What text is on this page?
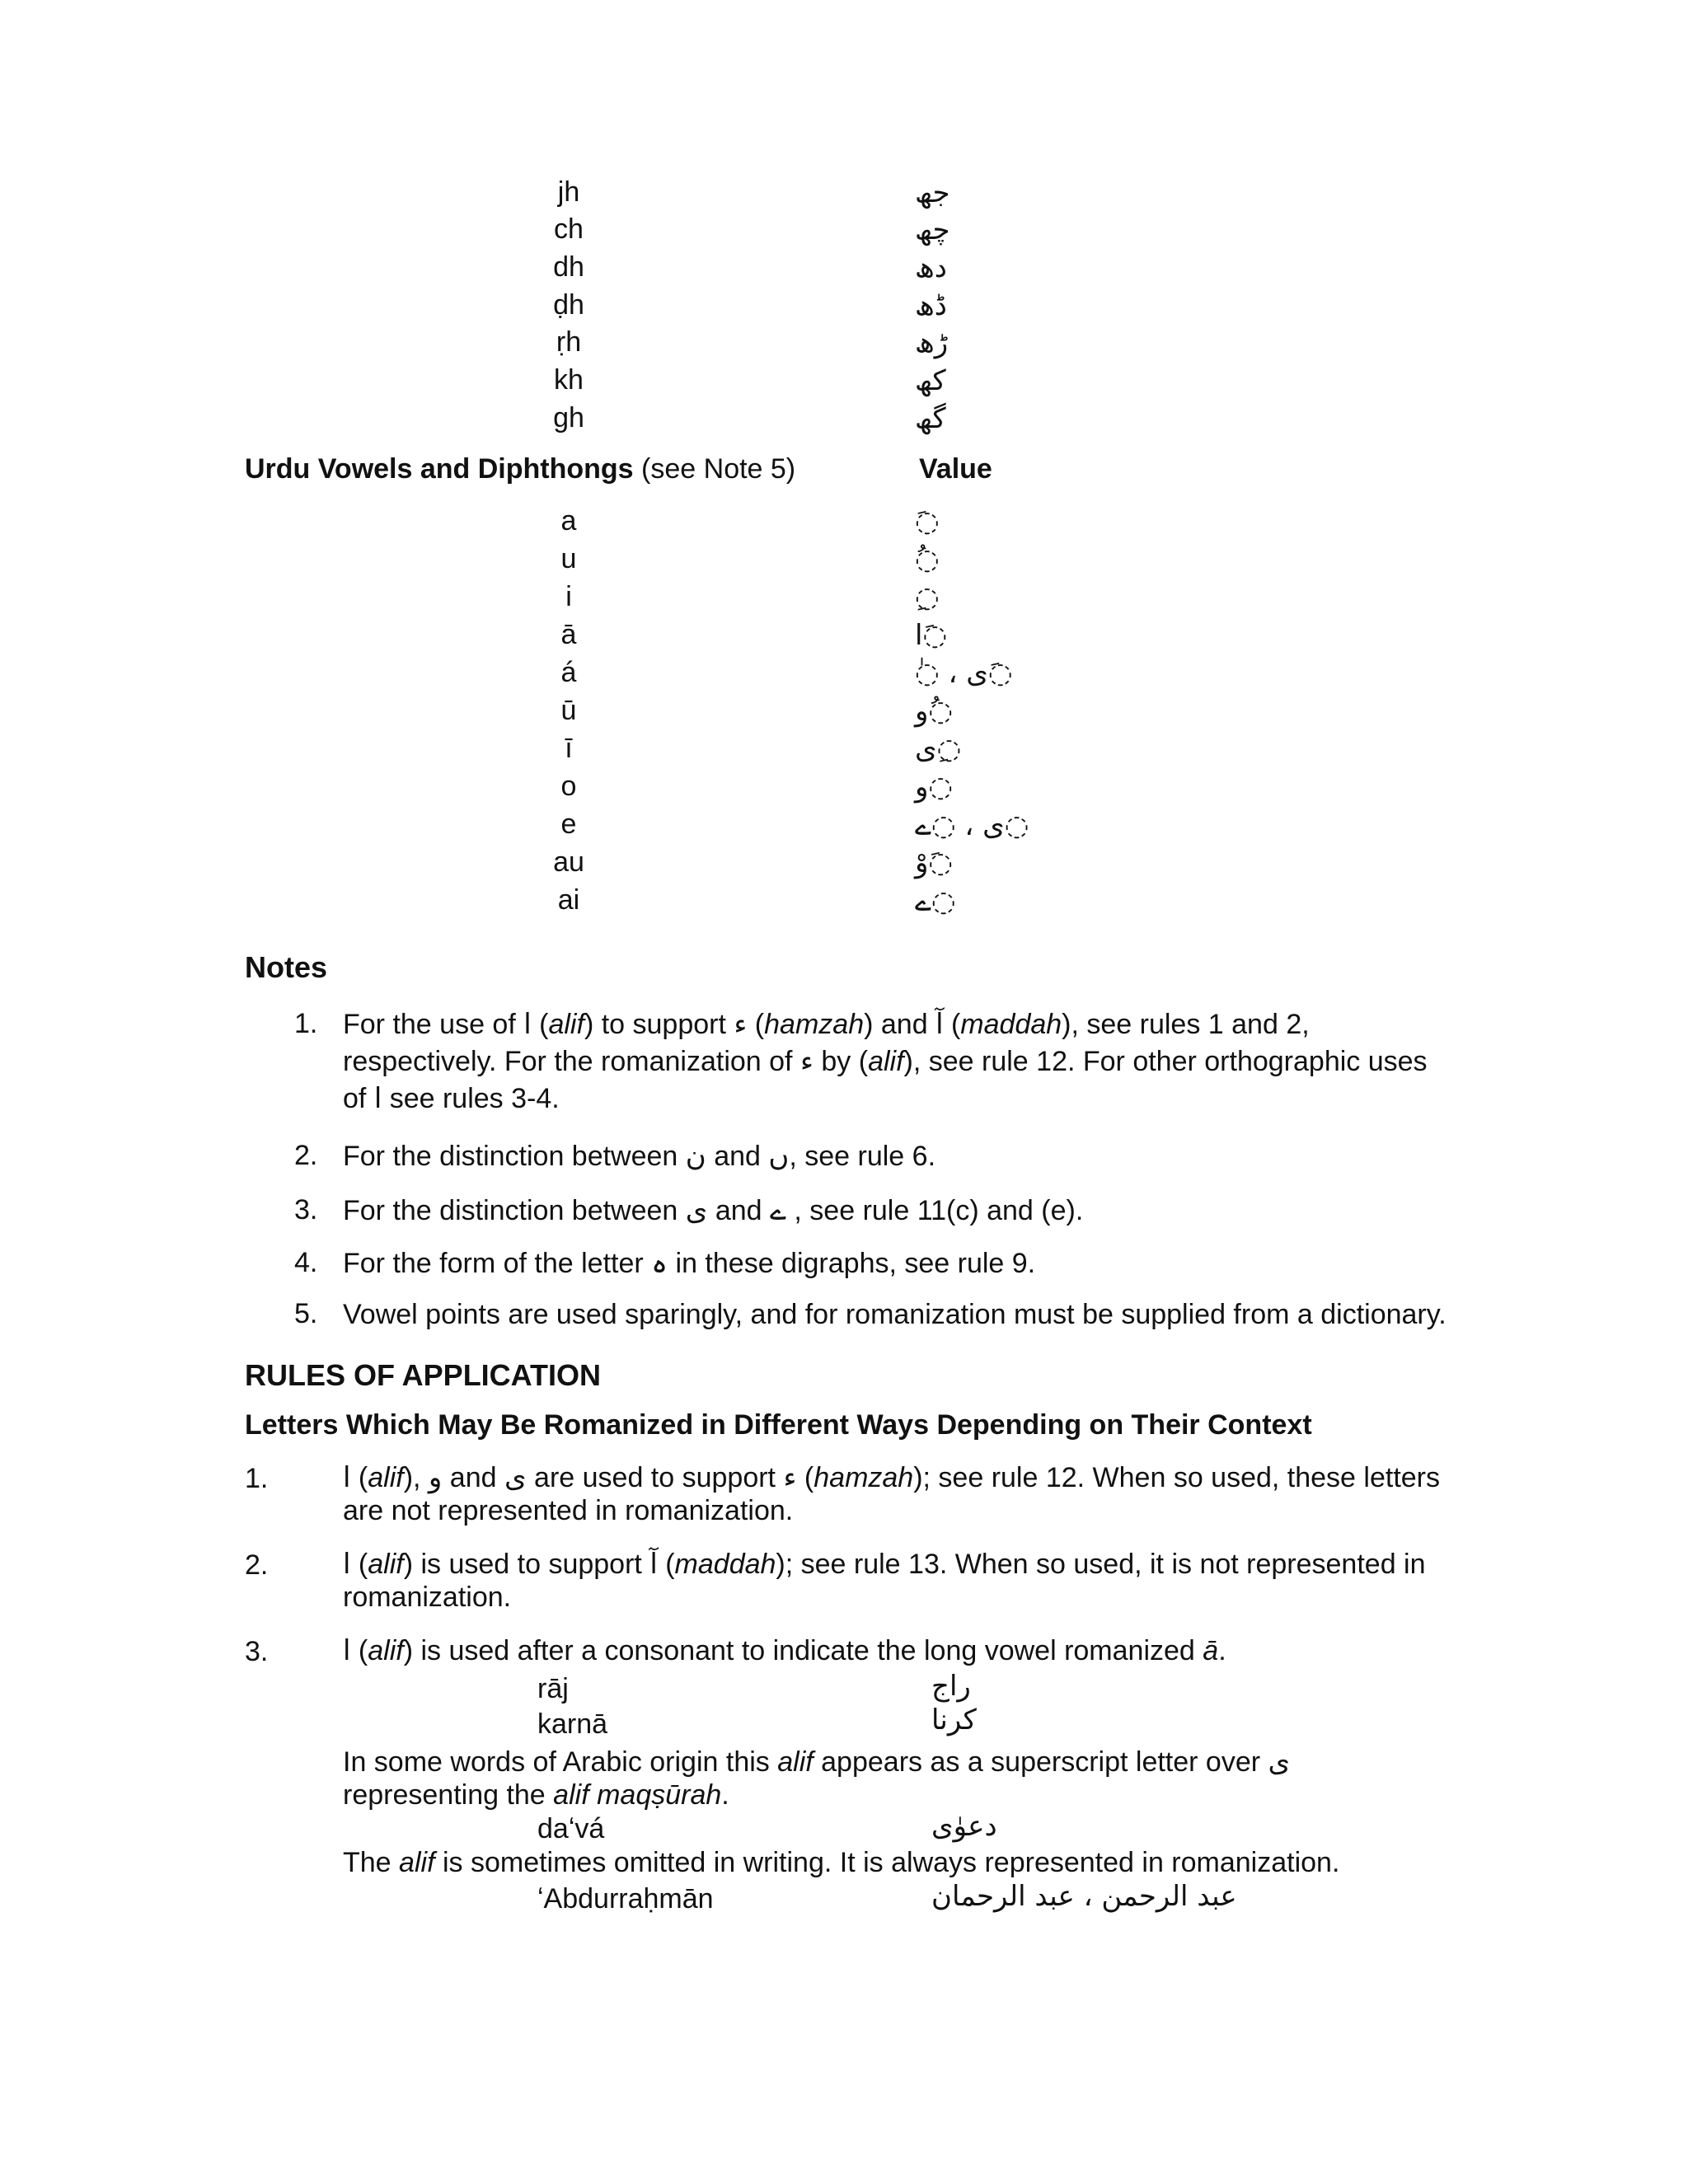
jh	جھ
ch	چھ
dh	دھ
ḍh	ڈھ
ṛh	ڑھ
kh	کھ
gh	گھ
Urdu Vowels and Diphthongs (see Note 5)	Value
a	◌َ
u	◌ُ
i	◌ِ
ā	◌َا
á	◌َی ، ◌ٰ
ū	◌ُو
ī	◌ِی
o	◌و
e	◌ی ، ◌ے
au	◌َوْ
ai	◌ے
Notes
1. For the use of ا (alif) to support ء (hamzah) and آ (maddah), see rules 1 and 2, respectively. For the romanization of ء by (alif), see rule 12. For other orthographic uses of ا see rules 3-4.
2. For the distinction between ن and ں, see rule 6.
3. For the distinction between ی and ے , see rule 11(c) and (e).
4. For the form of the letter ہ in these digraphs, see rule 9.
5. Vowel points are used sparingly, and for romanization must be supplied from a dictionary.
RULES OF APPLICATION
Letters Which May Be Romanized in Different Ways Depending on Their Context
1.	ا (alif), و and ی are used to support ء (hamzah); see rule 12. When so used, these letters are not represented in romanization.
2.	ا (alif) is used to support آ (maddah); see rule 13. When so used, it is not represented in romanization.
3.	ا (alif) is used after a consonant to indicate the long vowel romanized ā.
rāj	راج
karnā	کرنا
In some words of Arabic origin this alif appears as a superscript letter over ی representing the alif maqṣūrah.
daʻvá	دعوٰی
The alif is sometimes omitted in writing. It is always represented in romanization.
ʻAbdurraḥmān	عبد الرحمن ، عبد الرحمان
